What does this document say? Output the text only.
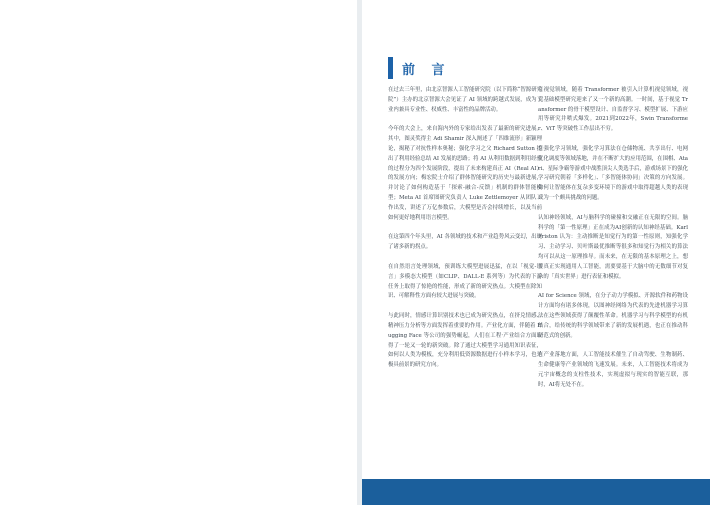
前 言

在过去三年里，由北京智源人工智能研究院（以下简称“智源研究院”）主办的北京智源大会见证了 AI 领域的跨越式发展，成为了业内兼具专业性、权威性、丰富性的品牌活动。

今年的大会上，来自海内外的专家给出发表了最新的研究进展。其中，图灵奖得主 Adi Shamir 深入阐述了「四维流形」新颖理论，揭秘了对抗性样本奥秘；强化学习之父 Richard Sutton 提出了利用经验总结 AI 发展的思路；将 AI 从利用数据到利用经验的过程分为四个发展阶段，提出了未来构建真正 AI（Real AI）的发展方向；梅宏院士介绍了群体智能研究的历史与最新进展，并讨论了如何构造基于「探索-融合-反馈」机制的群体智能模型；Meta AI 首席图研究负责人 Luke Zettlemoyer 从团队工作出发，讲述了万亿参数后，大模型是否会持续增长，以及当前如何更好地利用语言模型。

在这第四个年头里，AI 各领域的技术和产业趋势风云变幻，出现了诸多新的拐点。

在自然语言处理领域，预训练大模型进展迅猛，在以「视觉-语言」多模态大模型（如CLIP、DALL-E 系列等）为代表的下游任务上取得了惊艳的性能，形成了新的研究热点。大模型在除知识、可解释性方面有较大进展与突破。

与此同时，情感计算识别技术也已成为研究热点，在挤兑情感、精神压力分析等方面发挥着重要的作用。产业化方面，伴随着 Hugging Face 等公司的强势崛起，人们在工程·产业结合方面取得了一轮又一轮的新突破。除了通过大模型学习通用知识表征，如何以人类为模板，充分利用低资源数据进行小样本学习，也是极具前景的研究方向。

在视觉领域，随着 Transformer 被引入计算机视觉领域，视觉基础模型研究迎来了又一个新的高潮。一时间，基于视觉 Transformer 的骨干模型设计、自监督学习、模型扩展、下游应用等研究井喷式爆发。2021到2022年，Swin Transformer、ViT 等突破性工作层出不穷。

在强化学习领域，强化学习算法在仓储物流、共享出行、电网优化调度等领域落地，并在不断扩大的应用范围，在围棋、Atari、星际争霸等游戏中战胜顶尖人类选手后，游戏场景下的强化学习研究朝着「多样化」、「多智能体协同」决策的方向发展。如何让智能体在复杂多变环境下的游戏中取得超越人类的表现成为一个颇具挑战的问题。

认知神经领域，AI与脑科学的碰撞和交融正在无限的空间。脑科学的「第一性原理」正在成为AI创新的认知神经基础。Karl Friston 认为：主动推断是知觉行为的第一性原则，知强化学习、主动学习、贝叶斯最优推断等很多和知觉行为相关的算法均可以从这一原理推导。而未来，在无限的基本原理之上，想要真正实现通用人工智能，需要要基于大脑中的无数细节对复杂的「真实世界」进行表征和模拟。

AI for Science 领域，在分子动力学模拟、开源软件和药物设计方面均有诸多体现，以图神经网络为代表的先进机器学习算法在这些领域获得了颠覆性革命。机器学习与科学模型的有机结合，给传统的科学领域带来了新的发展机遇，也正在推动科研范式的创新。

在产业落地方面，人工智能技术催生了自动驾驶、生物制药、生命健康等产业领域的飞速发展。未来，人工智能技术将成为元宇宙概念的支柱性技术，实现虚拟与现实的智能互联，那时，AI将无处不在。
